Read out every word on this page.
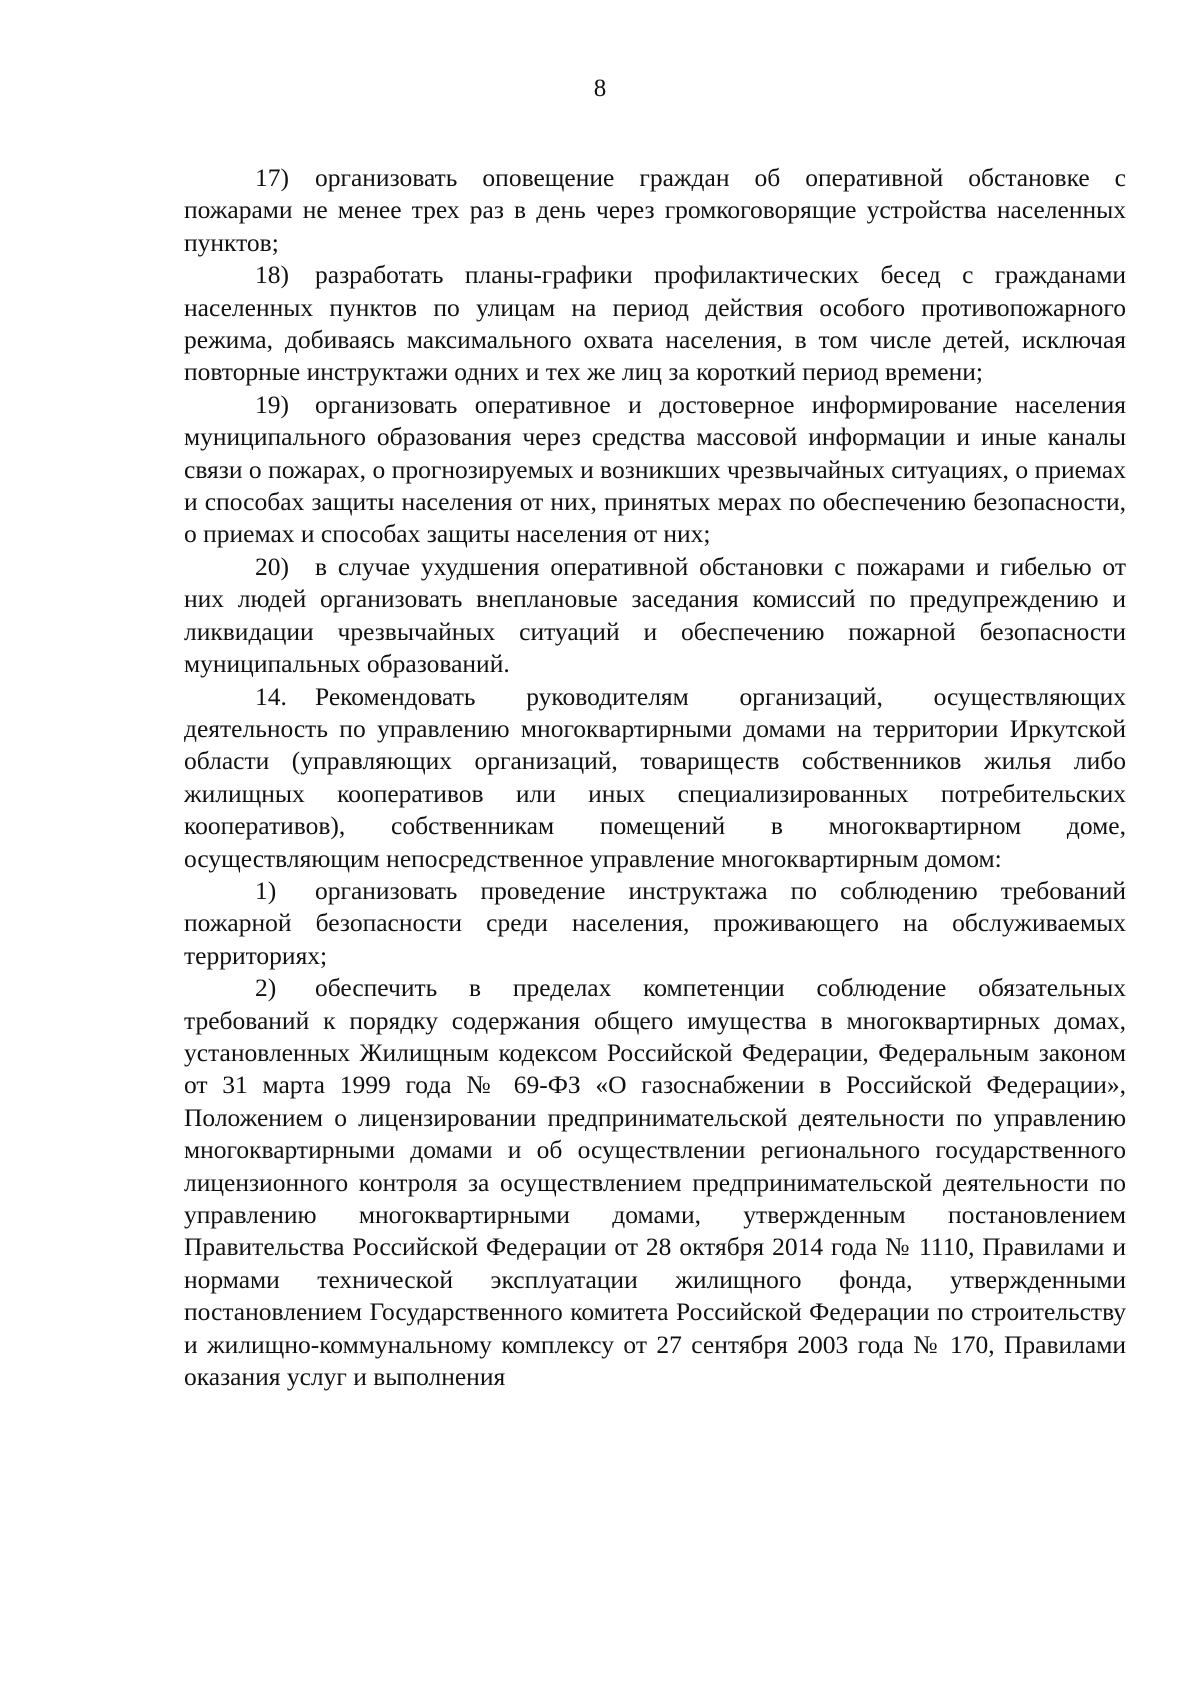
8

17) организовать оповещение граждан об оперативной обстановке с пожарами не менее трех раз в день через громкоговорящие устройства населенных пунктов;

18) разработать планы-графики профилактических бесед с гражданами населенных пунктов по улицам на период действия особого противопожарного режима, добиваясь максимального охвата населения, в том числе детей, исключая повторные инструктажи одних и тех же лиц за короткий период времени;

19) организовать оперативное и достоверное информирование населения муниципального образования через средства массовой информации и иные каналы связи о пожарах, о прогнозируемых и возникших чрезвычайных ситуациях, о приемах и способах защиты населения от них, принятых мерах по обеспечению безопасности, о приемах и способах защиты населения от них;

20) в случае ухудшения оперативной обстановки с пожарами и гибелью от них людей организовать внеплановые заседания комиссий по предупреждению и ликвидации чрезвычайных ситуаций и обеспечению пожарной безопасности муниципальных образований.

14. Рекомендовать руководителям организаций, осуществляющих деятельность по управлению многоквартирными домами на территории Иркутской области (управляющих организаций, товариществ собственников жилья либо жилищных кооперативов или иных специализированных потребительских кооперативов), собственникам помещений в многоквартирном доме, осуществляющим непосредственное управление многоквартирным домом:

1) организовать проведение инструктажа по соблюдению требований пожарной безопасности среди населения, проживающего на обслуживаемых территориях;

2) обеспечить в пределах компетенции соблюдение обязательных требований к порядку содержания общего имущества в многоквартирных домах, установленных Жилищным кодексом Российской Федерации, Федеральным законом от 31 марта 1999 года № 69-ФЗ «О газоснабжении в Российской Федерации», Положением о лицензировании предпринимательской деятельности по управлению многоквартирными домами и об осуществлении регионального государственного лицензионного контроля за осуществлением предпринимательской деятельности по управлению многоквартирными домами, утвержденным постановлением Правительства Российской Федерации от 28 октября 2014 года № 1110, Правилами и нормами технической эксплуатации жилищного фонда, утвержденными постановлением Государственного комитета Российской Федерации по строительству и жилищно-коммунальному комплексу от 27 сентября 2003 года № 170, Правилами оказания услуг и выполнения
